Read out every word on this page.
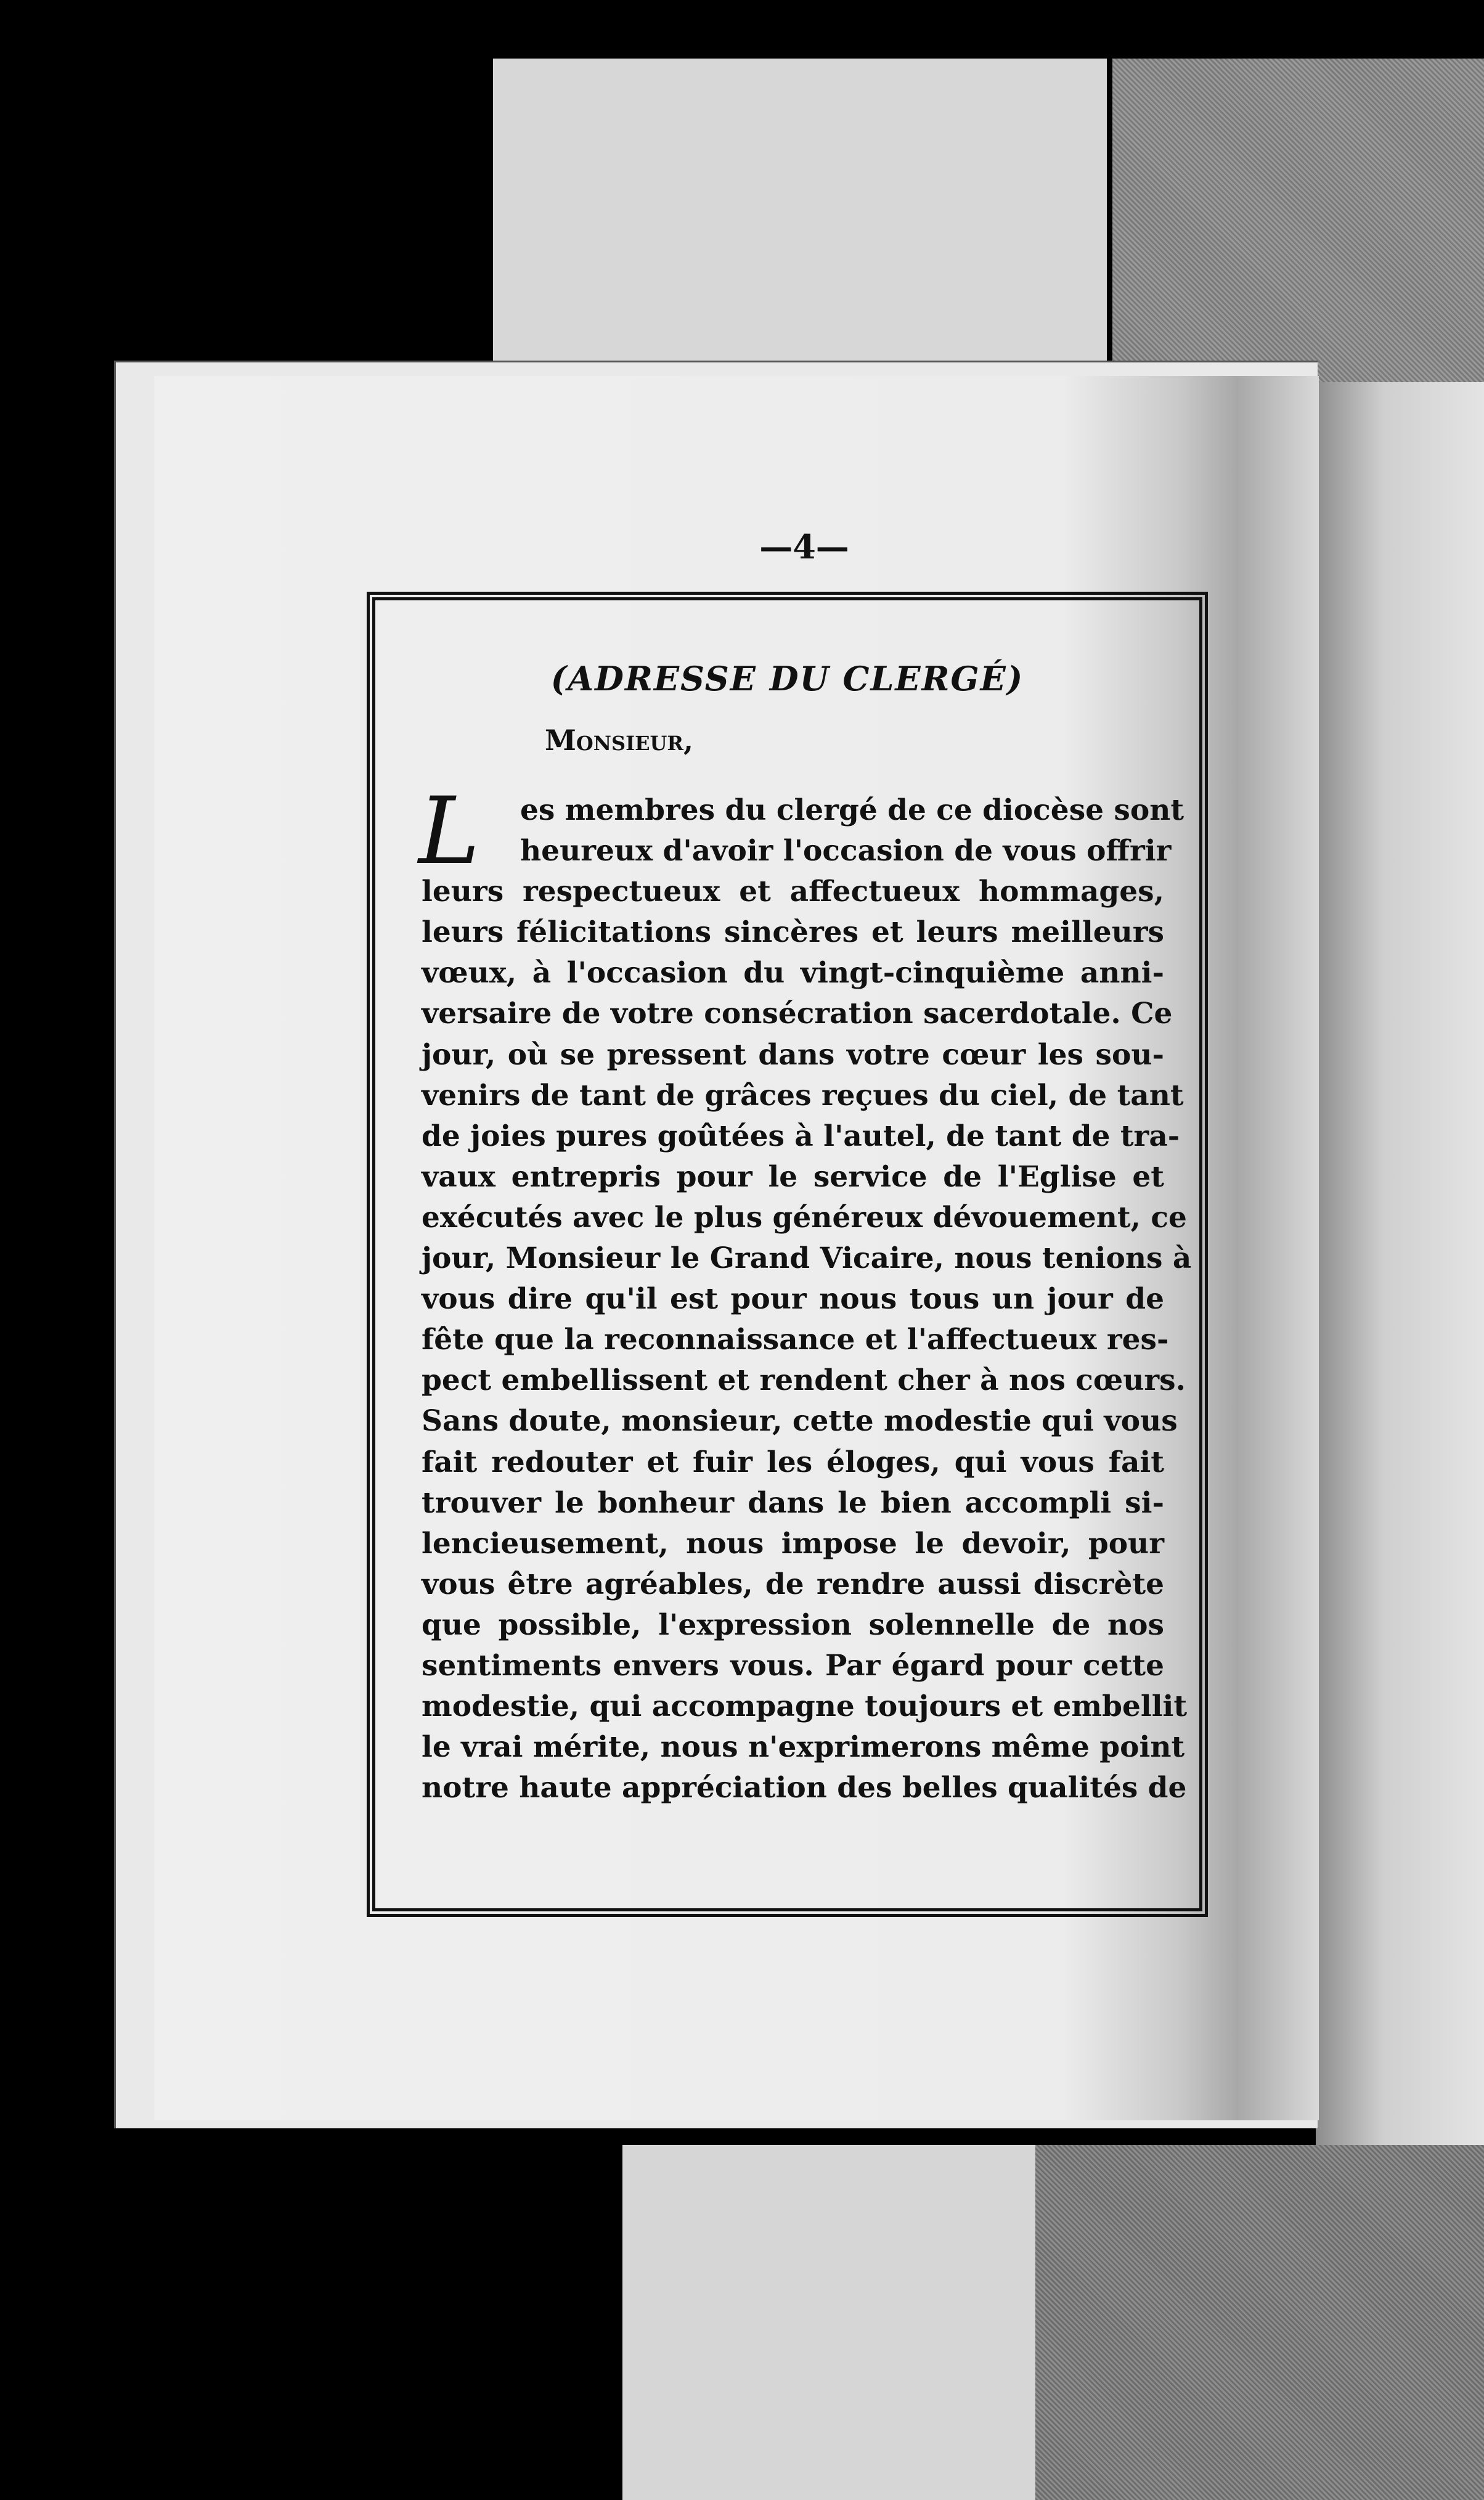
—4—
(ADRESSE DU CLERGÉ)
Monsieur,
L	es membres du clergé de ce diocèse sont
heureux d'avoir l'occasion de vous offrir
leurs respectueux et affectueux hommages,
leurs félicitations sincères et leurs meilleurs
vœux, à l'occasion du vingt-cinquième anni-
versaire de votre consécration sacerdotale. Ce
jour, où se pressent dans votre cœur les sou-
venirs de tant de grâces reçues du ciel, de tant
de joies pures goûtées à l'autel, de tant de tra-
vaux entrepris pour le service de l'Eglise et
exécutés avec le plus généreux dévouement, ce
jour, Monsieur le Grand Vicaire, nous tenions à
vous dire qu'il est pour nous tous un jour de
fête que la reconnaissance et l'affectueux res-
pect embellissent et rendent cher à nos cœurs.
Sans doute, monsieur, cette modestie qui vous
fait redouter et fuir les éloges, qui vous fait
trouver le bonheur dans le bien accompli si-
lencieusement, nous impose le devoir, pour
vous être agréables, de rendre aussi discrète
que possible, l'expression solennelle de nos
sentiments envers vous. Par égard pour cette
modestie, qui accompagne toujours et embellit
le vrai mérite, nous n'exprimerons même point
notre haute appréciation des belles qualités de
